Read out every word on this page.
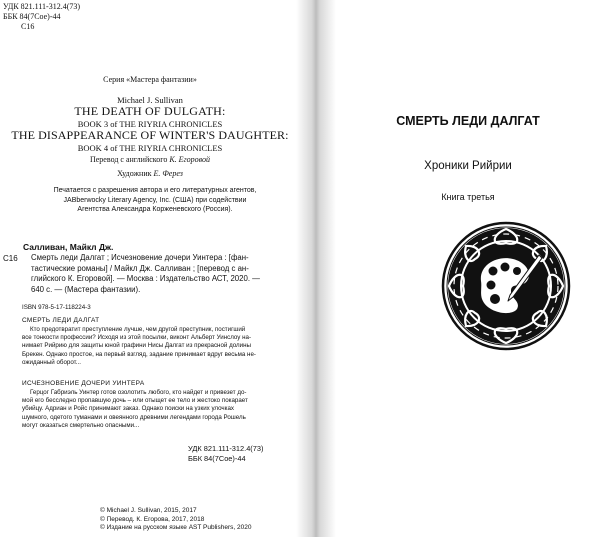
УДК 821.111-312.4(73)
ББК 84(7Сое)-44
С16
Серия «Мастера фантазии»
Michael J. Sullivan
THE DEATH OF DULGATH:
BOOK 3 of THE RIYRIA CHRONICLES
THE DISAPPEARANCE OF WINTER'S DAUGHTER:
BOOK 4 of THE RIYRIA CHRONICLES
Перевод с английского К. Егоровой
Художник Е. Ферез
Печатается с разрешения автора и его литературных агентов,
JABberwocky Literary Agency, Inc. (США) при содействии
Агентства Александра Корженевского (Россия).
Салливан, Майкл Дж.
С16 Смерть леди Далгат ; Исчезновение дочери Уинтера : [фан-
тастические романы] / Майкл Дж. Салливан ; [перевод с ан-
глийского К. Егоровой]. — Москва : Издательство АСТ, 2020. —
640 с. — (Мастера фантазии).
ISBN 978-5-17-118224-3
СМЕРТЬ ЛЕДИ ДАЛГАТ
Кто предотвратит преступление лучше, чем другой преступник, постигший
все тонкости профессии? Исходя из этой посылки, виконт Альберт Уинслоу на-
нимает Рийрию для защиты юной графини Нисы Далгат из прекрасной долины
Брекен. Однако простое, на первый взгляд, задание принимает вдруг весьма не-
ожиданный оборот...
ИСЧЕЗНОВЕНИЕ ДОЧЕРИ УИНТЕРА
Герцог Габриэль Уинтер готов озолотить любого, кто найдет и привезет до-
мой его бесследно пропавшую дочь – или отыщет ее тело и жестоко покарает
убийцу. Адриан и Ройс принимают заказ. Однако поиски на узких улочках
шумного, одетого туманами и овеянного древними легендами города Рошель
могут оказаться смертельно опасными...
УДК 821.111-312.4(73)
ББК 84(7Сое)-44
© Michael J. Sullivan, 2015, 2017
© Перевод. К. Егорова, 2017, 2018
© Издание на русском языке AST Publishers, 2020
СМЕРТЬ ЛЕДИ ДАЛГАТ
Хроники Рийрии
Книга третья
